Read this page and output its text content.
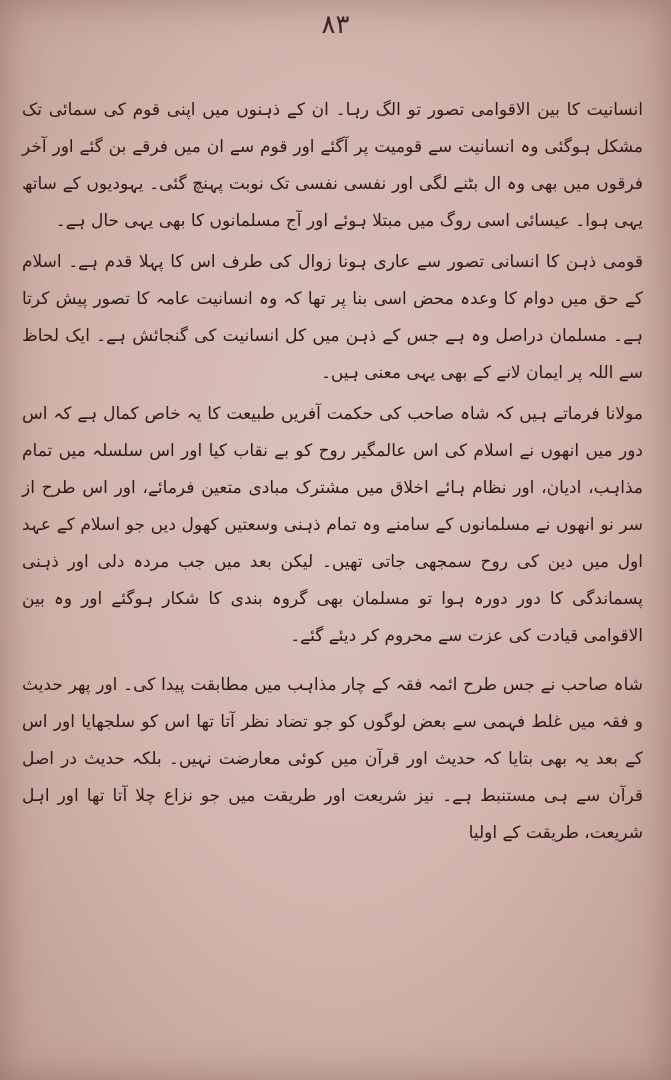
٨٣

انسانیت کا بین الاقوامی تصور تو الگ رہا۔ ان کے ذہنوں میں اپنی قوم کی سمائی تک مشکل ہوگئی وہ انسانیت سے قومیت پر آگئے اور قوم سے ان میں فرقے بن گئے اور آخر فرقوں میں بھی وہ ال بٹنے لگی اور نفسی نفسی تک نوبت پہنچ گئی۔ یہودیوں کے ساتھ یہی ہوا۔ عیسائی اسی روگ میں مبتلا ہوئے اور آج مسلمانوں کا بھی یہی حال ہے۔

قومی ذہن کا انسانی تصور سے عاری ہونا زوال کی طرف اس کا پہلا قدم ہے۔ اسلام کے حق میں دوام کا وعدہ محض اسی بنا پر تھا کہ وہ انسانیت عامہ کا تصور پیش کرتا ہے۔ مسلمان دراصل وہ ہے جس کے ذہن میں کل انسانیت کی گنجائش ہے۔ ایک لحاظ سے اللہ پر ایمان لانے کے بھی یہی معنی ہیں۔

مولانا فرماتے ہیں کہ شاہ صاحب کی حکمت آفریں طبیعت کا یہ خاص کمال ہے کہ اس دور میں انھوں نے اسلام کی اس عالمگیر روح کو بے نقاب کیا اور اس سلسلہ میں تمام مذاہب، ادیان، اور نظام ہائے اخلاق میں مشترک مبادی متعین فرمائے، اور اس طرح از سر نو انھوں نے مسلمانوں کے سامنے وہ تمام ذہنی وسعتیں کھول دیں جو اسلام کے عہد اول میں دین کی روح سمجھی جاتی تھیں۔ لیکن بعد میں جب مردہ دلی اور ذہنی پسماندگی کا دور دورہ ہوا تو مسلمان بھی گروہ بندی کا شکار ہوگئے اور وہ بین الاقوامی قیادت کی عزت سے محروم کر دیئے گئے۔

شاہ صاحب نے جس طرح ائمہ فقہ کے چار مذاہب میں مطابقت پیدا کی۔ اور پھر حدیث و فقہ میں غلط فہمی سے بعض لوگوں کو جو تضاد نظر آتا تھا اس کو سلجھایا اور اس کے بعد یہ بھی بتایا کہ حدیث اور قرآن میں کوئی معارضت نہیں۔ بلکہ حدیث در اصل قرآن سے ہی مستنبط ہے۔ نیز شریعت اور طریقت میں جو نزاع چلا آتا تھا اور اہل شریعت، طریقت کے اولیا
